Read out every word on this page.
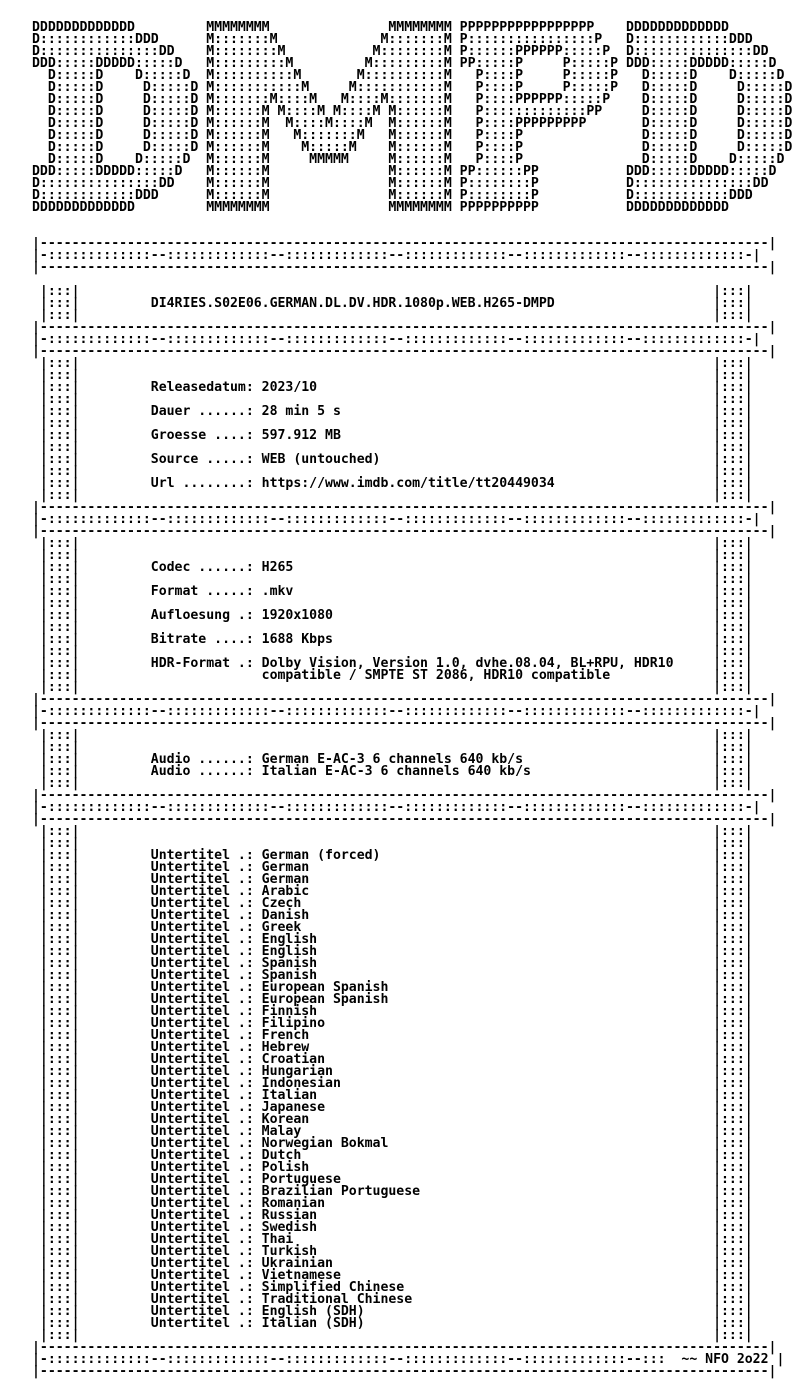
DDDDDDDDDDDDD         MMMMMMMM               MMMMMMMM PPPPPPPPPPPPPPPPP    DDDDDDDDDDDDD
D::::::::::::DDD      M:::::::M             M:::::::M P::::::::::::::::P   D::::::::::::DDD
D:::::::::::::::DD    M::::::::M           M::::::::M P::::::PPPPPP:::::P  D:::::::::::::::DD
DDD:::::DDDDD:::::D   M:::::::::M         M:::::::::M PP:::::P     P:::::P DDD:::::DDDDD:::::D
D:::::D    D:::::D  M::::::::::M       M::::::::::M   P::::P     P:::::P   D:::::D    D:::::D
D:::::D     D:::::D M:::::::::::M     M:::::::::::M   P::::P     P:::::P   D:::::D     D:::::D
D:::::D     D:::::D M:::::::M::::M   M::::M:::::::M   P::::PPPPPP:::::P    D:::::D     D:::::D
D:::::D     D:::::D M::::::M M::::M M::::M M::::::M   P:::::::::::::PP     D:::::D     D:::::D
D:::::D     D:::::D M::::::M  M::::M::::M  M::::::M   P::::PPPPPPPPP       D:::::D     D:::::D
D:::::D     D:::::D M::::::M   M:::::::M   M::::::M   P::::P               D:::::D     D:::::D
D:::::D     D:::::D M::::::M    M:::::M    M::::::M   P::::P               D:::::D     D:::::D
D:::::D    D:::::D  M::::::M     MMMMM     M::::::M   P::::P               D:::::D    D:::::D
DDD:::::DDDDD:::::D   M::::::M               M::::::M PP::::::PP           DDD:::::DDDDD:::::D
D:::::::::::::::DD    M::::::M               M::::::M P::::::::P           D:::::::::::::::DD
D::::::::::::DDD      M::::::M               M::::::M P::::::::P           D::::::::::::DDD
DDDDDDDDDDDDD         MMMMMMMM               MMMMMMMM PPPPPPPPPP           DDDDDDDDDDDDD

|--------------------------------------------------------------------------------------------|
|-:::::::::::::--:::::::::::::--:::::::::::::--:::::::::::::--:::::::::::::--:::::::::::::-|
|--------------------------------------------------------------------------------------------|

|:::|                                                                                |:::|
|:::|         DI4RIES.S02E06.GERMAN.DL.DV.HDR.1080p.WEB.H265-DMPD                    |:::|
|:::|                                                                                |:::|
|--------------------------------------------------------------------------------------------|
|-:::::::::::::--:::::::::::::--:::::::::::::--:::::::::::::--:::::::::::::--:::::::::::::-|
|--------------------------------------------------------------------------------------------|
|:::|                                                                                |:::|
|:::|                                                                                |:::|
|:::|         Releasedatum: 2023/10                                                  |:::|
|:::|                                                                                |:::|
|:::|         Dauer ......: 28 min 5 s                                               |:::|
|:::|                                                                                |:::|
|:::|         Groesse ....: 597.912 MB                                               |:::|
|:::|                                                                                |:::|
|:::|         Source .....: WEB (untouched)                                          |:::|
|:::|                                                                                |:::|
|:::|         Url ........: https://www.imdb.com/title/tt20449034                    |:::|
|:::|                                                                                |:::|
|--------------------------------------------------------------------------------------------|
|-:::::::::::::--:::::::::::::--:::::::::::::--:::::::::::::--:::::::::::::--:::::::::::::-|
|--------------------------------------------------------------------------------------------|
|:::|                                                                                |:::|
|:::|                                                                                |:::|
|:::|         Codec ......: H265                                                     |:::|
|:::|                                                                                |:::|
|:::|         Format .....: .mkv                                                     |:::|
|:::|                                                                                |:::|
|:::|         Aufloesung .: 1920x1080                                                |:::|
|:::|                                                                                |:::|
|:::|         Bitrate ....: 1688 Kbps                                                |:::|
|:::|                                                                                |:::|
|:::|         HDR-Format .: Dolby Vision, Version 1.0, dvhe.08.04, BL+RPU, HDR10     |:::|
|:::|                       compatible / SMPTE ST 2086, HDR10 compatible             |:::|
|:::|                                                                                |:::|
|--------------------------------------------------------------------------------------------|
|-:::::::::::::--:::::::::::::--:::::::::::::--:::::::::::::--:::::::::::::--:::::::::::::-|
|--------------------------------------------------------------------------------------------|
|:::|                                                                                |:::|
|:::|                                                                                |:::|
|:::|         Audio ......: German E-AC-3 6 channels 640 kb/s                        |:::|
|:::|         Audio ......: Italian E-AC-3 6 channels 640 kb/s                       |:::|
|:::|                                                                                |:::|
|--------------------------------------------------------------------------------------------|
|-:::::::::::::--:::::::::::::--:::::::::::::--:::::::::::::--:::::::::::::--:::::::::::::-|
|--------------------------------------------------------------------------------------------|
|:::|                                                                                |:::|
|:::|                                                                                |:::|
|:::|         Untertitel .: German (forced)                                          |:::|
|:::|         Untertitel .: German                                                   |:::|
|:::|         Untertitel .: German                                                   |:::|
|:::|         Untertitel .: Arabic                                                   |:::|
|:::|         Untertitel .: Czech                                                    |:::|
|:::|         Untertitel .: Danish                                                   |:::|
|:::|         Untertitel .: Greek                                                    |:::|
|:::|         Untertitel .: English                                                  |:::|
|:::|         Untertitel .: English                                                  |:::|
|:::|         Untertitel .: Spanish                                                  |:::|
|:::|         Untertitel .: Spanish                                                  |:::|
|:::|         Untertitel .: European Spanish                                         |:::|
|:::|         Untertitel .: European Spanish                                         |:::|
|:::|         Untertitel .: Finnish                                                  |:::|
|:::|         Untertitel .: Filipino                                                 |:::|
|:::|         Untertitel .: French                                                   |:::|
|:::|         Untertitel .: Hebrew                                                   |:::|
|:::|         Untertitel .: Croatian                                                 |:::|
|:::|         Untertitel .: Hungarian                                                |:::|
|:::|         Untertitel .: Indonesian                                               |:::|
|:::|         Untertitel .: Italian                                                  |:::|
|:::|         Untertitel .: Japanese                                                 |:::|
|:::|         Untertitel .: Korean                                                   |:::|
|:::|         Untertitel .: Malay                                                    |:::|
|:::|         Untertitel .: Norwegian Bokmal                                         |:::|
|:::|         Untertitel .: Dutch                                                    |:::|
|:::|         Untertitel .: Polish                                                   |:::|
|:::|         Untertitel .: Portuguese                                               |:::|
|:::|         Untertitel .: Brazilian Portuguese                                     |:::|
|:::|         Untertitel .: Romanian                                                 |:::|
|:::|         Untertitel .: Russian                                                  |:::|
|:::|         Untertitel .: Swedish                                                  |:::|
|:::|         Untertitel .: Thai                                                     |:::|
|:::|         Untertitel .: Turkish                                                  |:::|
|:::|         Untertitel .: Ukrainian                                                |:::|
|:::|         Untertitel .: Vietnamese                                               |:::|
|:::|         Untertitel .: Simplified Chinese                                       |:::|
|:::|         Untertitel .: Traditional Chinese                                      |:::|
|:::|         Untertitel .: English (SDH)                                            |:::|
|:::|         Untertitel .: Italian (SDH)                                            |:::|
|:::|                                                                                |:::|
|--------------------------------------------------------------------------------------------|
|-:::::::::::::--:::::::::::::--:::::::::::::--:::::::::::::--:::::::::::::--:::  ~~ NFO 2o22 |
|--------------------------------------------------------------------------------------------|
